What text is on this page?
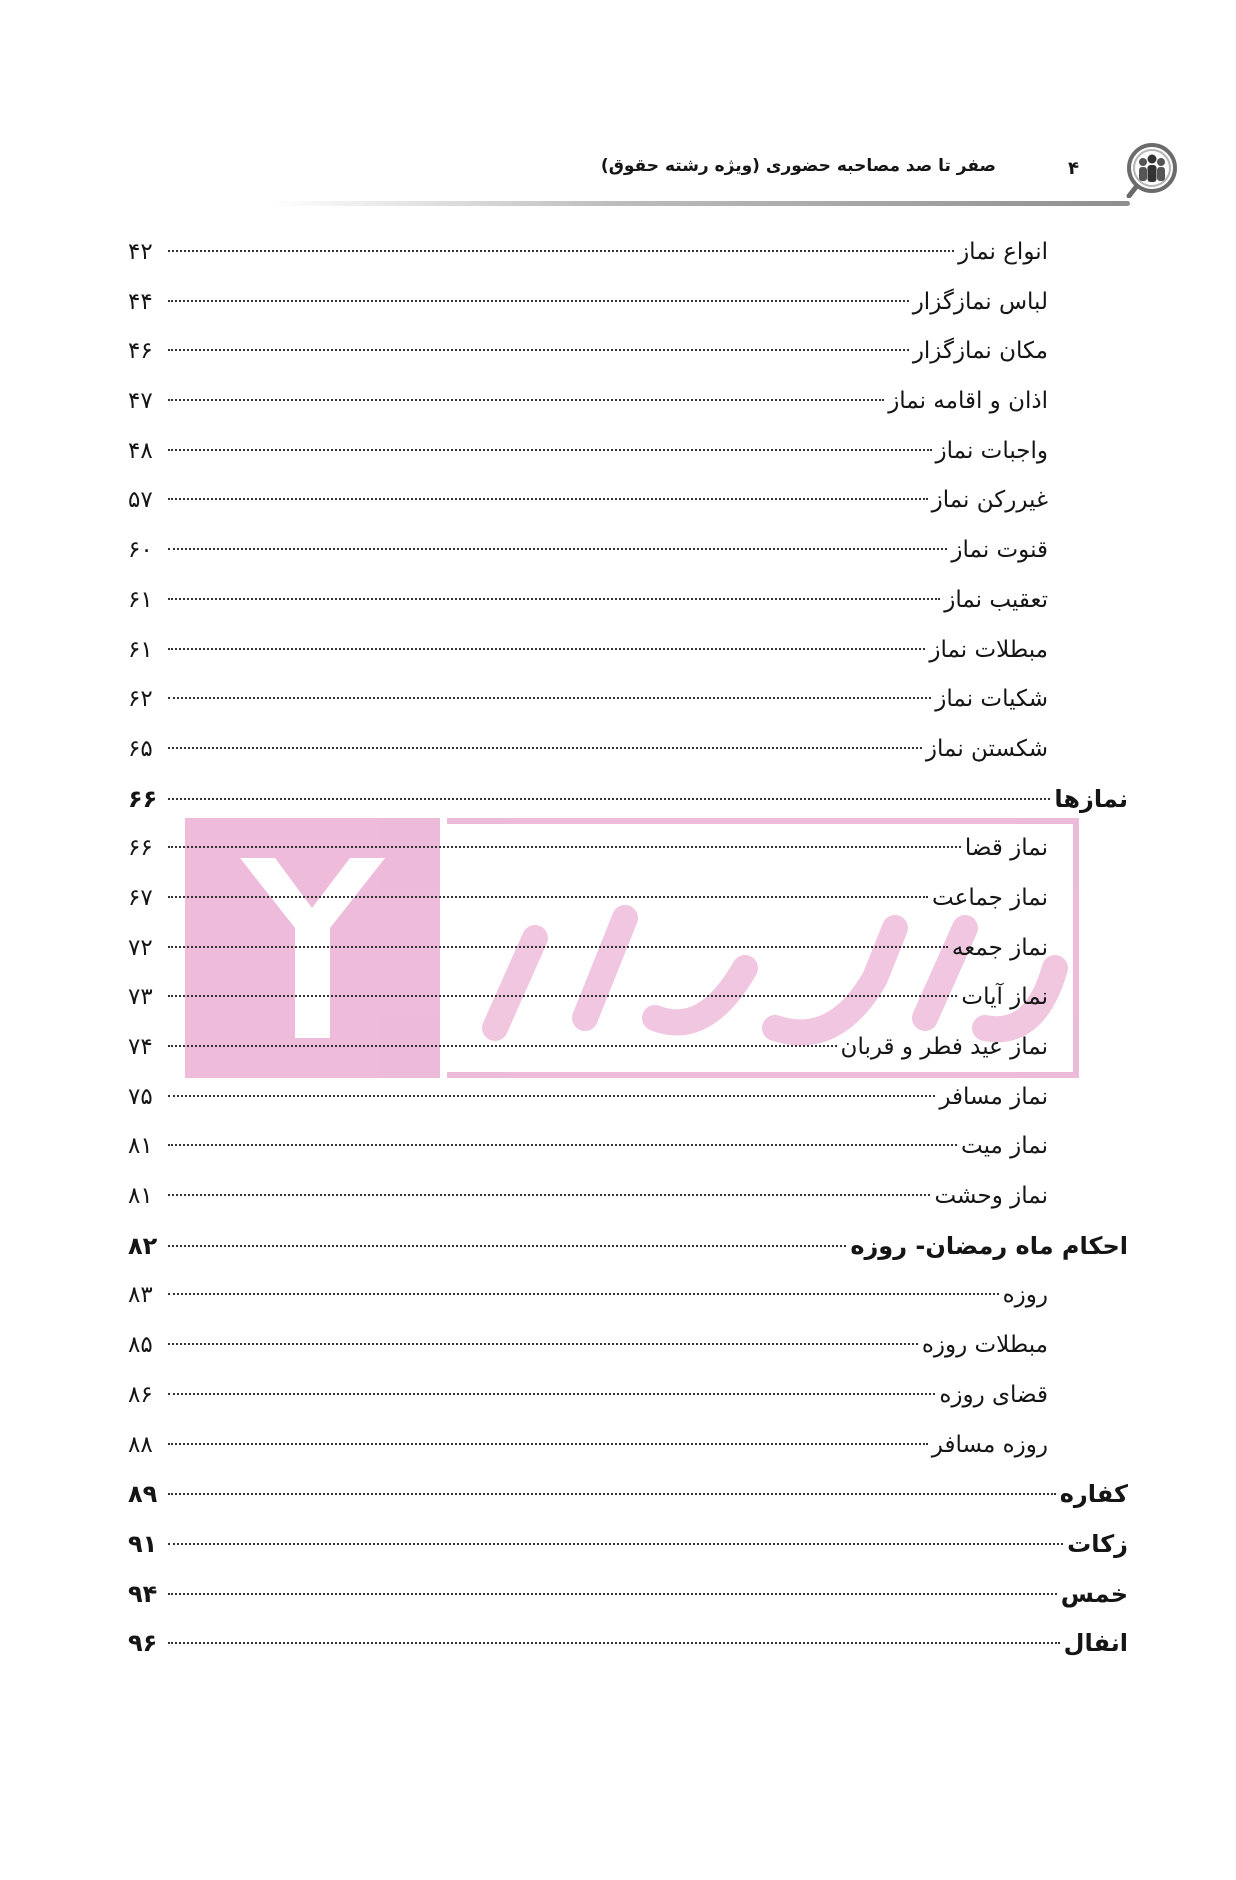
صفر تا صد مصاحبه حضوری (ویژه رشته حقوق)	۴
انواع نماز
۴۲
لباس نمازگزار
۴۴
مکان نمازگزار
۴۶
اذان و اقامه نماز
۴۷
واجبات نماز
۴۸
غیررکن نماز
۵۷
قنوت نماز
۶۰
تعقیب نماز
۶۱
مبطلات نماز
۶۱
شکیات نماز
۶۲
شکستن نماز
۶۵
نمازها
۶۶
نماز قضا
۶۶
نماز جماعت
۶۷
نماز جمعه
۷۲
نماز آیات
۷۳
نماز عید فطر و قربان
۷۴
نماز مسافر
۷۵
نماز میت
۸۱
نماز وحشت
۸۱
احکام ماه رمضان- روزه
۸۲
روزه
۸۳
مبطلات روزه
۸۵
قضای روزه
۸۶
روزه مسافر
۸۸
کفاره
۸۹
زکات
۹۱
خمس
۹۴
انفال
۹۶
